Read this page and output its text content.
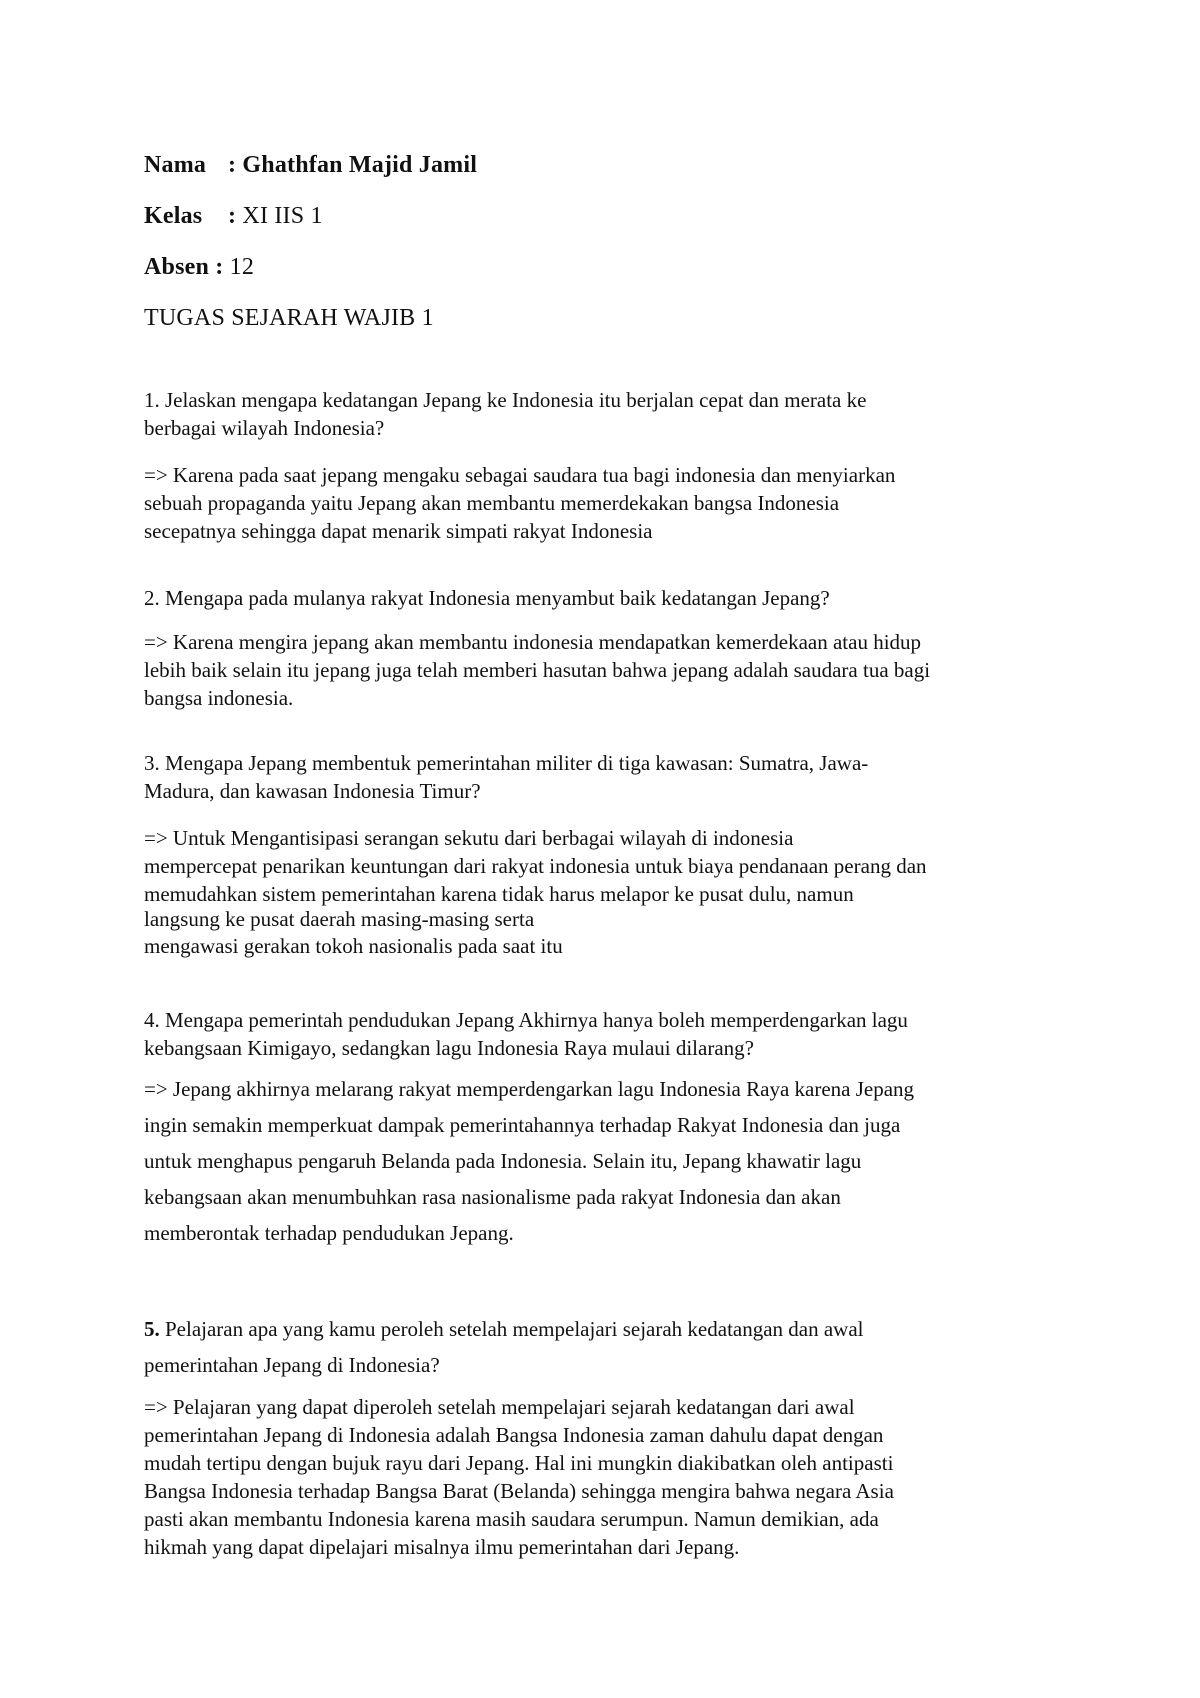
Nama : Ghathfan Majid Jamil
Kelas : XI IIS 1
Absen : 12
TUGAS SEJARAH WAJIB 1
1. Jelaskan mengapa kedatangan Jepang ke Indonesia itu berjalan cepat dan merata ke
berbagai wilayah Indonesia?
=> Karena pada saat jepang mengaku sebagai saudara tua bagi indonesia dan menyiarkan
sebuah propaganda yaitu Jepang akan membantu memerdekakan bangsa Indonesia
secepatnya sehingga dapat menarik simpati rakyat Indonesia
2. Mengapa pada mulanya rakyat Indonesia menyambut baik kedatangan Jepang?
=> Karena mengira jepang akan membantu indonesia mendapatkan kemerdekaan atau hidup
lebih baik selain itu jepang juga telah memberi hasutan bahwa jepang adalah saudara tua bagi
bangsa indonesia.
3. Mengapa Jepang membentuk pemerintahan militer di tiga kawasan: Sumatra, Jawa-
Madura, dan kawasan Indonesia Timur?
=> Untuk Mengantisipasi serangan sekutu dari berbagai wilayah di indonesia
mempercepat penarikan keuntungan dari rakyat indonesia untuk biaya pendanaan perang dan
memudahkan sistem pemerintahan karena tidak harus melapor ke pusat dulu, namun
langsung ke pusat daerah masing-masing serta
mengawasi gerakan tokoh nasionalis pada saat itu
4. Mengapa pemerintah pendudukan Jepang Akhirnya hanya boleh memperdengarkan lagu
kebangsaan Kimigayo, sedangkan lagu Indonesia Raya mulaui dilarang?
=> Jepang akhirnya melarang rakyat memperdengarkan lagu Indonesia Raya karena Jepang
ingin semakin memperkuat dampak pemerintahannya terhadap Rakyat Indonesia dan juga
untuk menghapus pengaruh Belanda pada Indonesia. Selain itu, Jepang khawatir lagu
kebangsaan akan menumbuhkan rasa nasionalisme pada rakyat Indonesia dan akan
memberontak terhadap pendudukan Jepang.
5. Pelajaran apa yang kamu peroleh setelah mempelajari sejarah kedatangan dan awal
pemerintahan Jepang di Indonesia?
=> Pelajaran yang dapat diperoleh setelah mempelajari sejarah kedatangan dari awal
pemerintahan Jepang di Indonesia adalah Bangsa Indonesia zaman dahulu dapat dengan
mudah tertipu dengan bujuk rayu dari Jepang. Hal ini mungkin diakibatkan oleh antipasti
Bangsa Indonesia terhadap Bangsa Barat (Belanda) sehingga mengira bahwa negara Asia
pasti akan membantu Indonesia karena masih saudara serumpun. Namun demikian, ada
hikmah yang dapat dipelajari misalnya ilmu pemerintahan dari Jepang.
